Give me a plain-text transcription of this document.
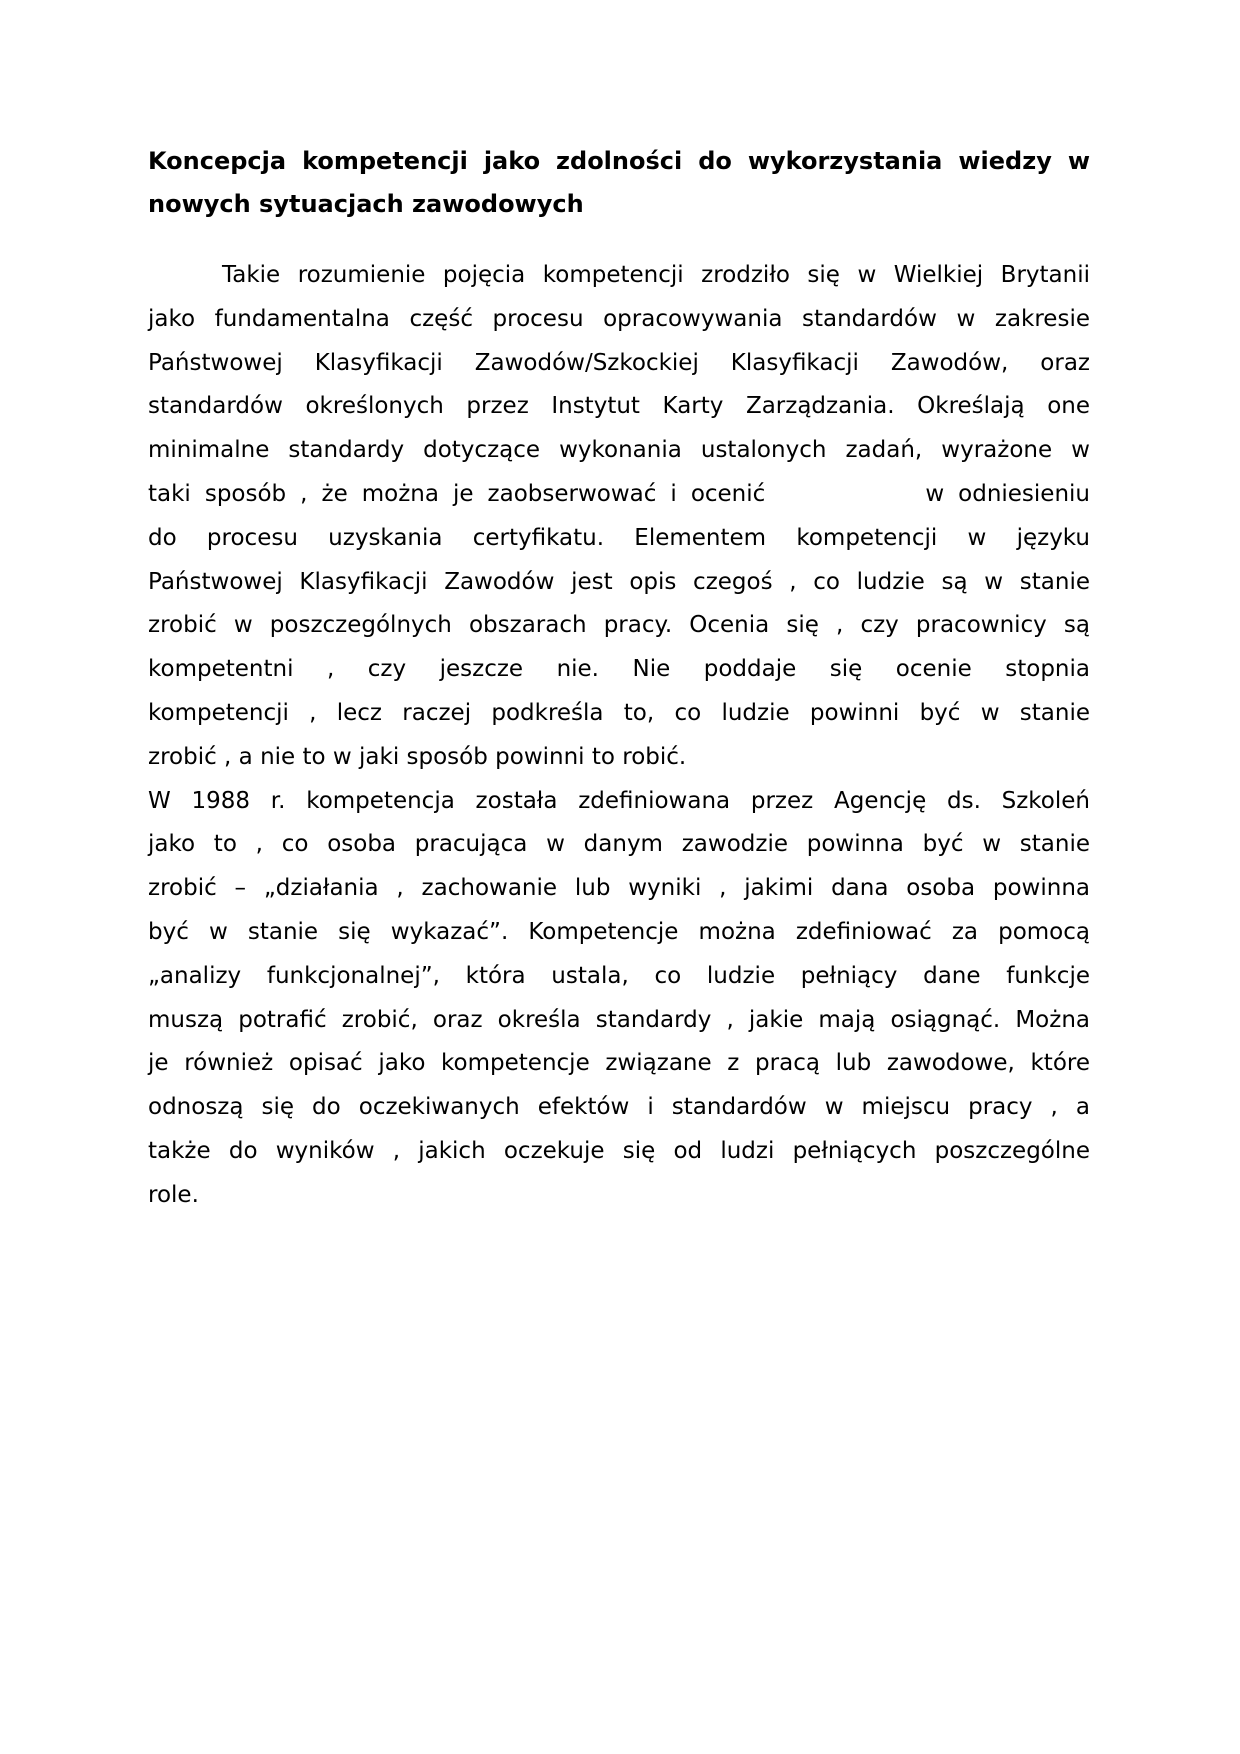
Koncepcja kompetencji jako zdolności do wykorzystania wiedzy w
nowych sytuacjach zawodowych

Takie rozumienie pojęcia kompetencji zrodziło się w Wielkiej Brytanii
jako fundamentalna część procesu opracowywania standardów w zakresie
Państwowej Klasyfikacji Zawodów/Szkockiej Klasyfikacji Zawodów, oraz
standardów określonych przez Instytut Karty Zarządzania. Określają one
minimalne standardy dotyczące wykonania ustalonych zadań, wyrażone w
taki sposób , że można je zaobserwować i ocenić	w odniesieniu
do procesu uzyskania certyfikatu. Elementem kompetencji w języku
Państwowej Klasyfikacji Zawodów jest opis czegoś , co ludzie są w stanie
zrobić w poszczególnych obszarach pracy. Ocenia się , czy pracownicy są
kompetentni , czy jeszcze nie. Nie poddaje się ocenie stopnia
kompetencji , lecz raczej podkreśla to, co ludzie powinni być w stanie
zrobić , a nie to w jaki sposób powinni to robić.

W 1988 r. kompetencja została zdefiniowana przez Agencję ds. Szkoleń
jako to , co osoba pracująca w danym zawodzie powinna być w stanie
zrobić – „działania , zachowanie lub wyniki , jakimi dana osoba powinna
być w stanie się wykazać”. Kompetencje można zdefiniować za pomocą
„analizy funkcjonalnej”, która ustala, co ludzie pełniący dane funkcje
muszą potrafić zrobić, oraz określa standardy , jakie mają osiągnąć. Można
je również opisać jako kompetencje związane z pracą lub zawodowe, które
odnoszą się do oczekiwanych efektów i standardów w miejscu pracy , a
także do wyników , jakich oczekuje się od ludzi pełniących poszczególne
role.
